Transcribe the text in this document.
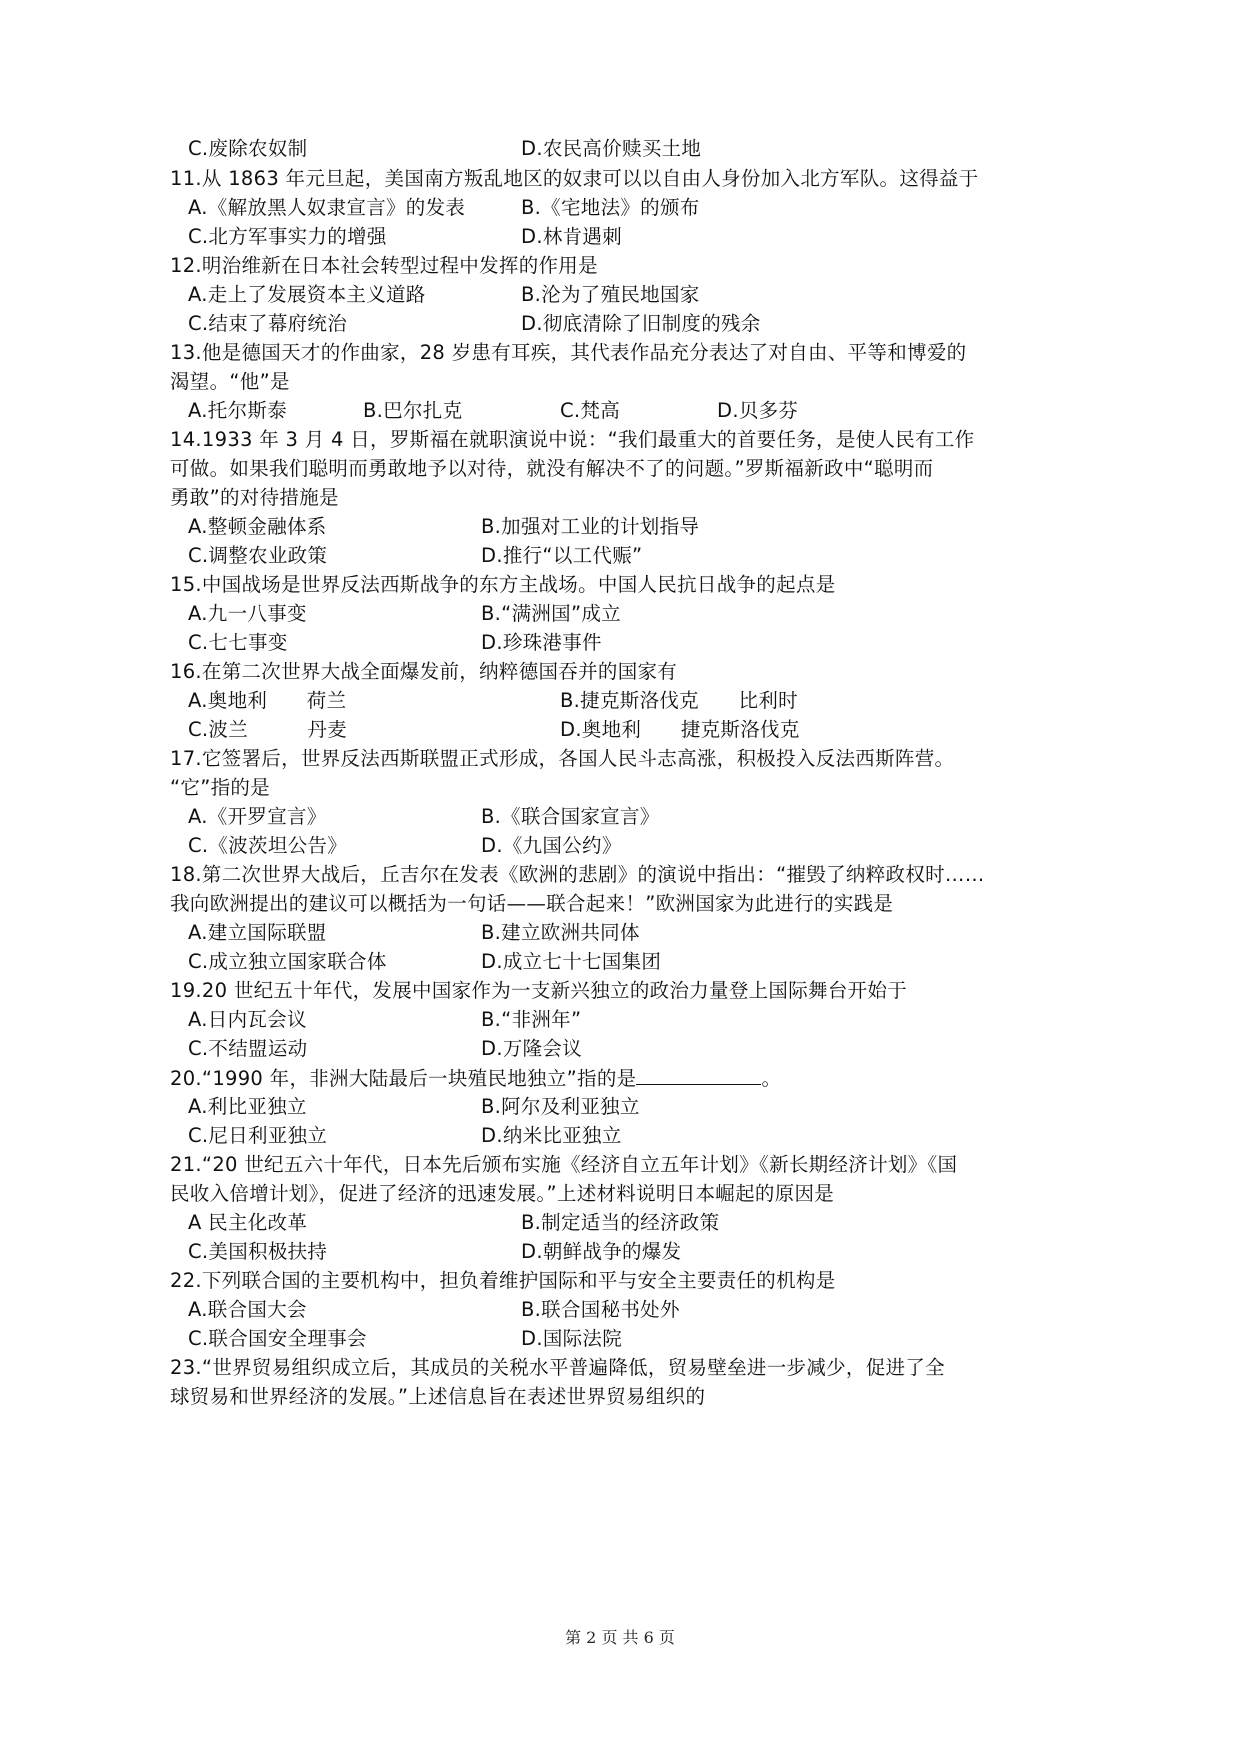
C.废除农奴制	D.农民高价赎买土地
11.从 1863 年元旦起，美国南方叛乱地区的奴隶可以以自由人身份加入北方军队。这得益于
A.《解放黑人奴隶宣言》的发表	B.《宅地法》的颁布
C.北方军事实力的增强	D.林肯遇刺
12.明治维新在日本社会转型过程中发挥的作用是
A.走上了发展资本主义道路	B.沦为了殖民地国家
C.结束了幕府统治	D.彻底清除了旧制度的残余
13.他是德国天才的作曲家，28 岁患有耳疾，其代表作品充分表达了对自由、平等和博爱的
渴望。“他”是
A.托尔斯泰	B.巴尔扎克	C.梵高	D.贝多芬
14.1933 年 3 月 4 日，罗斯福在就职演说中说：“我们最重大的首要任务，是使人民有工作
可做。如果我们聪明而勇敢地予以对待，就没有解决不了的问题。”罗斯福新政中“聪明而
勇敢”的对待措施是
A.整顿金融体系	B.加强对工业的计划指导
C.调整农业政策	D.推行“以工代赈”
15.中国战场是世界反法西斯战争的东方主战场。中国人民抗日战争的起点是
A.九一八事变	B.“满洲国”成立
C.七七事变	D.珍珠港事件
16.在第二次世界大战全面爆发前，纳粹德国吞并的国家有
A.奥地利　　荷兰	B.捷克斯洛伐克　　比利时
C.波兰　　　丹麦	D.奥地利　　捷克斯洛伐克
17.它签署后，世界反法西斯联盟正式形成，各国人民斗志高涨，积极投入反法西斯阵营。
“它”指的是
A.《开罗宣言》	B.《联合国家宣言》
C.《波茨坦公告》	D.《九国公约》
18.第二次世界大战后，丘吉尔在发表《欧洲的悲剧》的演说中指出：“摧毁了纳粹政权时……
我向欧洲提出的建议可以概括为一句话——联合起来！”欧洲国家为此进行的实践是
A.建立国际联盟	B.建立欧洲共同体
C.成立独立国家联合体	D.成立七十七国集团
19.20 世纪五十年代，发展中国家作为一支新兴独立的政治力量登上国际舞台开始于
A.日内瓦会议	B.“非洲年”
C.不结盟运动	D.万隆会议
20.“1990 年，非洲大陆最后一块殖民地独立”指的是	。
A.利比亚独立	B.阿尔及利亚独立
C.尼日利亚独立	D.纳米比亚独立
21.“20 世纪五六十年代，日本先后颁布实施《经济自立五年计划》《新长期经济计划》《国
民收入倍增计划》，促进了经济的迅速发展。”上述材料说明日本崛起的原因是
A 民主化改革	B.制定适当的经济政策
C.美国积极扶持	D.朝鲜战争的爆发
22.下列联合国的主要机构中，担负着维护国际和平与安全主要责任的机构是
A.联合国大会	B.联合国秘书处外
C.联合国安全理事会	D.国际法院
23.“世界贸易组织成立后，其成员的关税水平普遍降低，贸易壁垒进一步减少，促进了全
球贸易和世界经济的发展。”上述信息旨在表述世界贸易组织的
第 2 页 共 6 页
